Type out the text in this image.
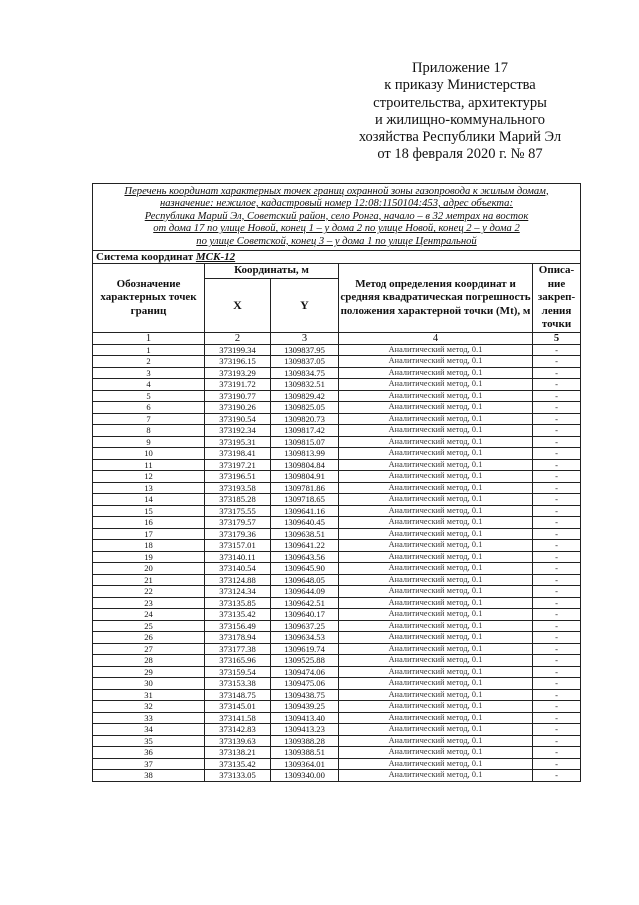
Приложение 17
к приказу Министерства
строительства, архитектуры
и жилищно-коммунального
хозяйства Республики Марий Эл
от 18 февраля 2020 г. № 87
Перечень координат характерных точек границ охранной зоны газопровода к жилым домам,
назначение: нежилое, кадастровый номер 12:08:1150104:453, адрес объекта:
Республика Марий Эл, Советский район, село Ронга, начало – в 32 метрах на восток
от дома 17 по улице Новой, конец 1 – у дома 2 по улице Новой, конец 2 – у дома 2
по улице Советской, конец 3 – у дома 1 по улице Центральной				

Система координат МСК-12				
Обозначение характерных точек границ	Координаты, м		Метод определения координат и средняя квадратическая погрешность положения характерной точки (Mt), м	Описа-ние закреп-ления точки
	X	Y		
1	2	3	4	5
1	373199.34	1309837.95	Аналитический метод, 0.1	-
2	373196.15	1309837.05	Аналитический метод, 0.1	-
3	373193.29	1309834.75	Аналитический метод, 0.1	-
4	373191.72	1309832.51	Аналитический метод, 0.1	-
5	373190.77	1309829.42	Аналитический метод, 0.1	-
6	373190.26	1309825.05	Аналитический метод, 0.1	-
7	373190.54	1309820.73	Аналитический метод, 0.1	-
8	373192.34	1309817.42	Аналитический метод, 0.1	-
9	373195.31	1309815.07	Аналитический метод, 0.1	-
10	373198.41	1309813.99	Аналитический метод, 0.1	-
11	373197.21	1309804.84	Аналитический метод, 0.1	-
12	373196.51	1309804.91	Аналитический метод, 0.1	-
13	373193.58	1309781.86	Аналитический метод, 0.1	-
14	373185.28	1309718.65	Аналитический метод, 0.1	-
15	373175.55	1309641.16	Аналитический метод, 0.1	-
16	373179.57	1309640.45	Аналитический метод, 0.1	-
17	373179.36	1309638.51	Аналитический метод, 0.1	-
18	373157.01	1309641.22	Аналитический метод, 0.1	-
19	373140.11	1309643.56	Аналитический метод, 0.1	-
20	373140.54	1309645.90	Аналитический метод, 0.1	-
21	373124.88	1309648.05	Аналитический метод, 0.1	-
22	373124.34	1309644.09	Аналитический метод, 0.1	-
23	373135.85	1309642.51	Аналитический метод, 0.1	-
24	373135.42	1309640.17	Аналитический метод, 0.1	-
25	373156.49	1309637.25	Аналитический метод, 0.1	-
26	373178.94	1309634.53	Аналитический метод, 0.1	-
27	373177.38	1309619.74	Аналитический метод, 0.1	-
28	373165.96	1309525.88	Аналитический метод, 0.1	-
29	373159.54	1309474.06	Аналитический метод, 0.1	-
30	373153.38	1309475.06	Аналитический метод, 0.1	-
31	373148.75	1309438.75	Аналитический метод, 0.1	-
32	373145.01	1309439.25	Аналитический метод, 0.1	-
33	373141.58	1309413.40	Аналитический метод, 0.1	-
34	373142.83	1309413.23	Аналитический метод, 0.1	-
35	373139.63	1309388.28	Аналитический метод, 0.1	-
36	373138.21	1309388.51	Аналитический метод, 0.1	-
37	373135.42	1309364.01	Аналитический метод, 0.1	-
38	373133.05	1309340.00	Аналитический метод, 0.1	-
